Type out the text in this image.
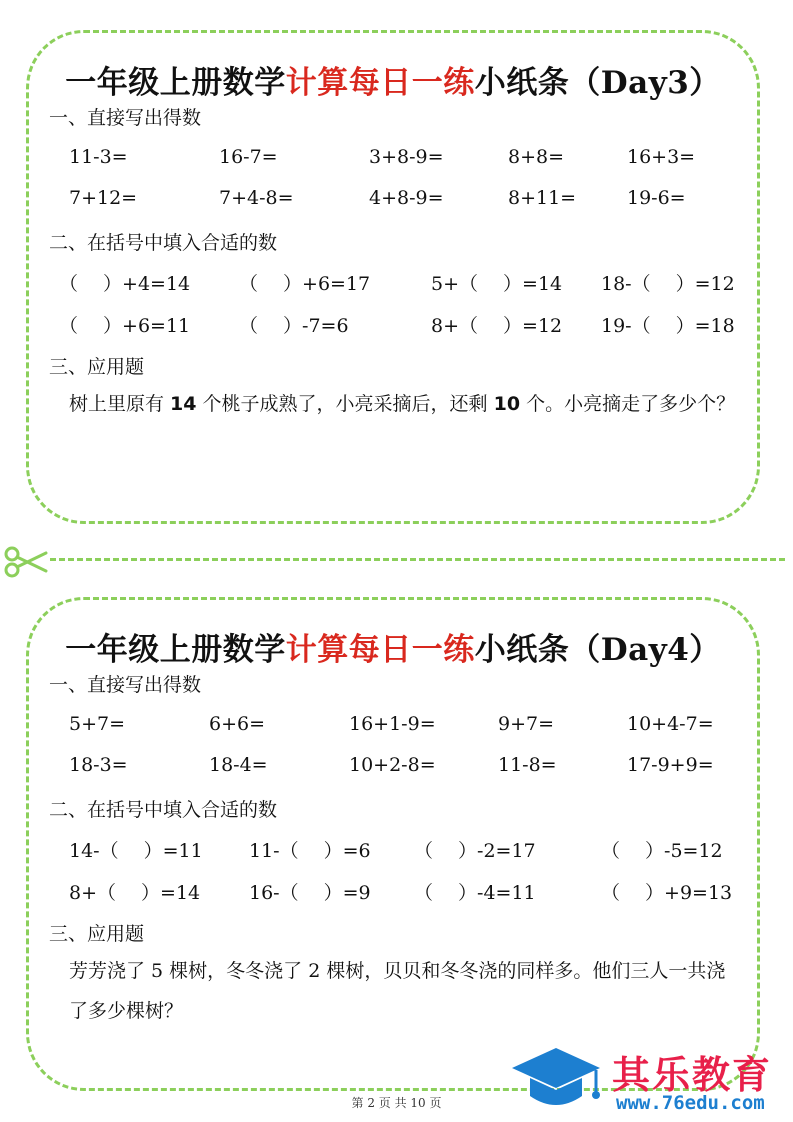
一年级上册数学计算每日一练小纸条（Day3）
一、直接写出得数
11-3=	16-7=	3+8-9=	8+8=	16+3=
7+12=	7+4-8=	4+8-9=	8+11=	19-6=
二、在括号中填入合适的数
（　 ）+4=14	（　 ）+6=17	5+（　 ）=14 18-（　 ）=12
（　 ）+6=11	（　 ）-7=6	8+（　 ）=12 19-（　 ）=18
三、应用题
树上里原有 14 个桃子成熟了，小亮采摘后，还剩 10 个。小亮摘走了多少个？
一年级上册数学计算每日一练小纸条（Day4）
一、直接写出得数
5+7=	6+6=	16+1-9=	9+7=	10+4-7=
18-3=	18-4=	10+2-8=	11-8=	17-9+9=
二、在括号中填入合适的数
14-（　 ）=11 11-（　 ）=6 （　 ）-2=17	（　 ）-5=12
8+（　 ）=14	16-（　 ）=9 （　 ）-4=11	（　 ）+9=13
三、应用题
芳芳浇了 5 棵树，冬冬浇了 2 棵树，贝贝和冬冬浇的同样多。他们三人一共浇了多少棵树？
其乐教育
www.76edu.com
第 2 页 共 10 页
